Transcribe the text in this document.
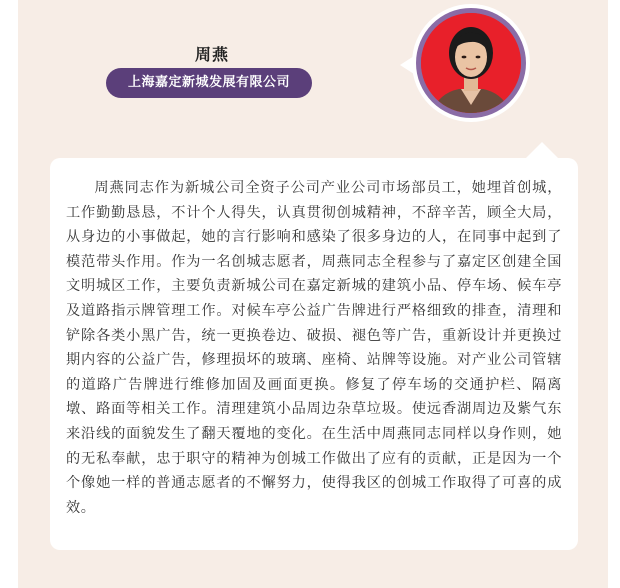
周燕
上海嘉定新城发展有限公司
周燕同志作为新城公司全资子公司产业公司市场部员工，她埋首创城，工作勤勤恳恳，不计个人得失，认真贯彻创城精神，不辞辛苦，顾全大局，从身边的小事做起，她的言行影响和感染了很多身边的人，在同事中起到了模范带头作用。作为一名创城志愿者，周燕同志全程参与了嘉定区创建全国文明城区工作，主要负责新城公司在嘉定新城的建筑小品、停车场、候车亭及道路指示牌管理工作。对候车亭公益广告牌进行严格细致的排查，清理和铲除各类小黑广告，统一更换卷边、破损、褪色等广告，重新设计并更换过期内容的公益广告，修理损坏的玻璃、座椅、站牌等设施。对产业公司管辖的道路广告牌进行维修加固及画面更换。修复了停车场的交通护栏、隔离墩、路面等相关工作。清理建筑小品周边杂草垃圾。使远香湖周边及紫气东来沿线的面貌发生了翻天覆地的变化。在生活中周燕同志同样以身作则，她的无私奉献，忠于职守的精神为创城工作做出了应有的贡献，正是因为一个个像她一样的普通志愿者的不懈努力，使得我区的创城工作取得了可喜的成效。
